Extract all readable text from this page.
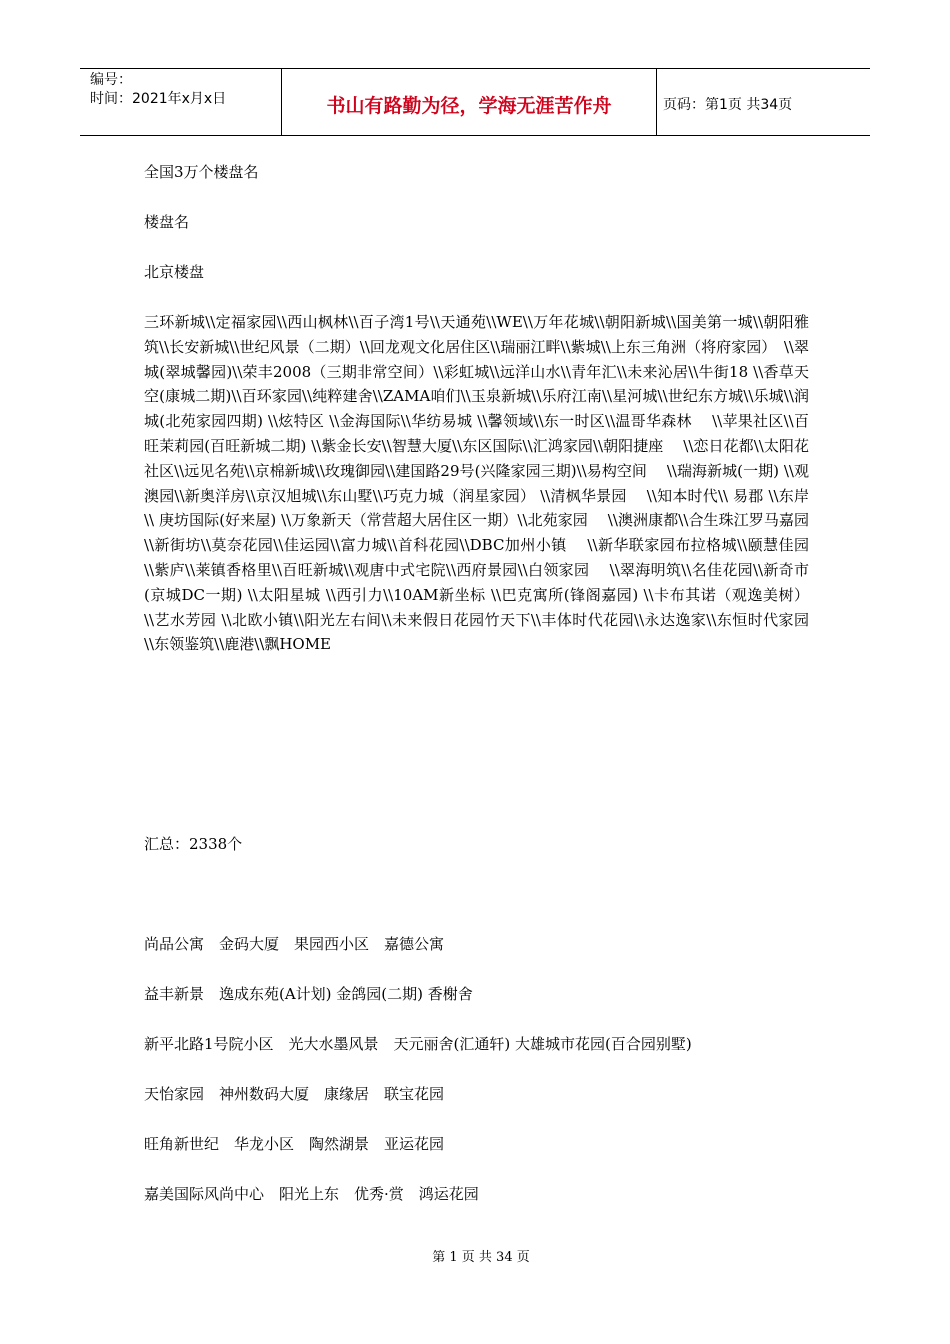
编号：
时间：2021年x月x日	书山有路勤为径，学海无涯苦作舟	页码：第1页 共34页

全国3万个楼盘名

楼盘名

北京楼盘

三环新城\\定福家园\\西山枫林\\百子湾1号\\天通苑\\WE\\万年花城\\朝阳新城\\国美第一城\\朝阳雅筑\\长安新城\\世纪风景（二期）\\回龙观文化居住区\\瑞丽江畔\\紫城\\上东三角洲（将府家园）　\\翠城(翠城馨园)\\荣丰2008（三期非常空间）\\彩虹城\\远洋山水\\青年汇\\未来沁居\\牛街18 \\香草天空(康城二期)\\百环家园\\纯粹建舍\\ZAMA咱们\\玉泉新城\\乐府江南\\星河城\\世纪东方城\\乐城\\润城(北苑家园四期) \\炫特区 \\金海国际\\华纺易城 \\馨领域\\东一时区\\温哥华森林 　\\苹果社区\\百旺茉莉园(百旺新城二期) \\紫金长安\\智慧大厦\\东区国际\\汇鸿家园\\朝阳捷座 　\\恋日花都\\太阳花社区\\远见名苑\\京棉新城\\玫瑰御园\\建国路29号(兴隆家园三期)\\易构空间 　\\瑞海新城(一期) \\观澳园\\新奥洋房\\京汉旭城\\东山墅\\巧克力城（润星家园） \\清枫华景园 　\\知本时代\\ 易郡 \\东岸\\ 庚坊国际(好来屋) \\万象新天（常营超大居住区一期）\\北苑家园 　\\澳洲康都\\合生珠江罗马嘉园\\新街坊\\莫奈花园\\佳运园\\富力城\\首科花园\\DBC加州小镇 　\\新华联家园布拉格城\\颐慧佳园\\紫庐\\莱镇香格里\\百旺新城\\观唐中式宅院\\西府景园\\白领家园 　\\翠海明筑\\名佳花园\\新奇市(京城DC一期) \\太阳星城 \\西引力\\10AM新坐标 \\巴克寓所(锋阁嘉园) \\卡布其诺（观逸美树） \\艺水芳园 \\北欧小镇\\阳光左右间\\未来假日花园竹天下\\丰体时代花园\\永达逸家\\东恒时代家园\\东领鉴筑\\鹿港\\飘HOME

汇总：2338个
尚品公寓　金码大厦　果园西小区　嘉德公寓
益丰新景　逸成东苑(A计划) 金鸽园(二期) 香榭舍
新平北路1号院小区　光大水墨风景　天元丽舍(汇通轩) 大雄城市花园(百合园别墅)
天怡家园　神州数码大厦　康缘居　联宝花园
旺角新世纪　华龙小区　陶然湖景　亚运花园
嘉美国际风尚中心　阳光上东　优秀·赏　鸿运花园
第 1 页 共 34 页
